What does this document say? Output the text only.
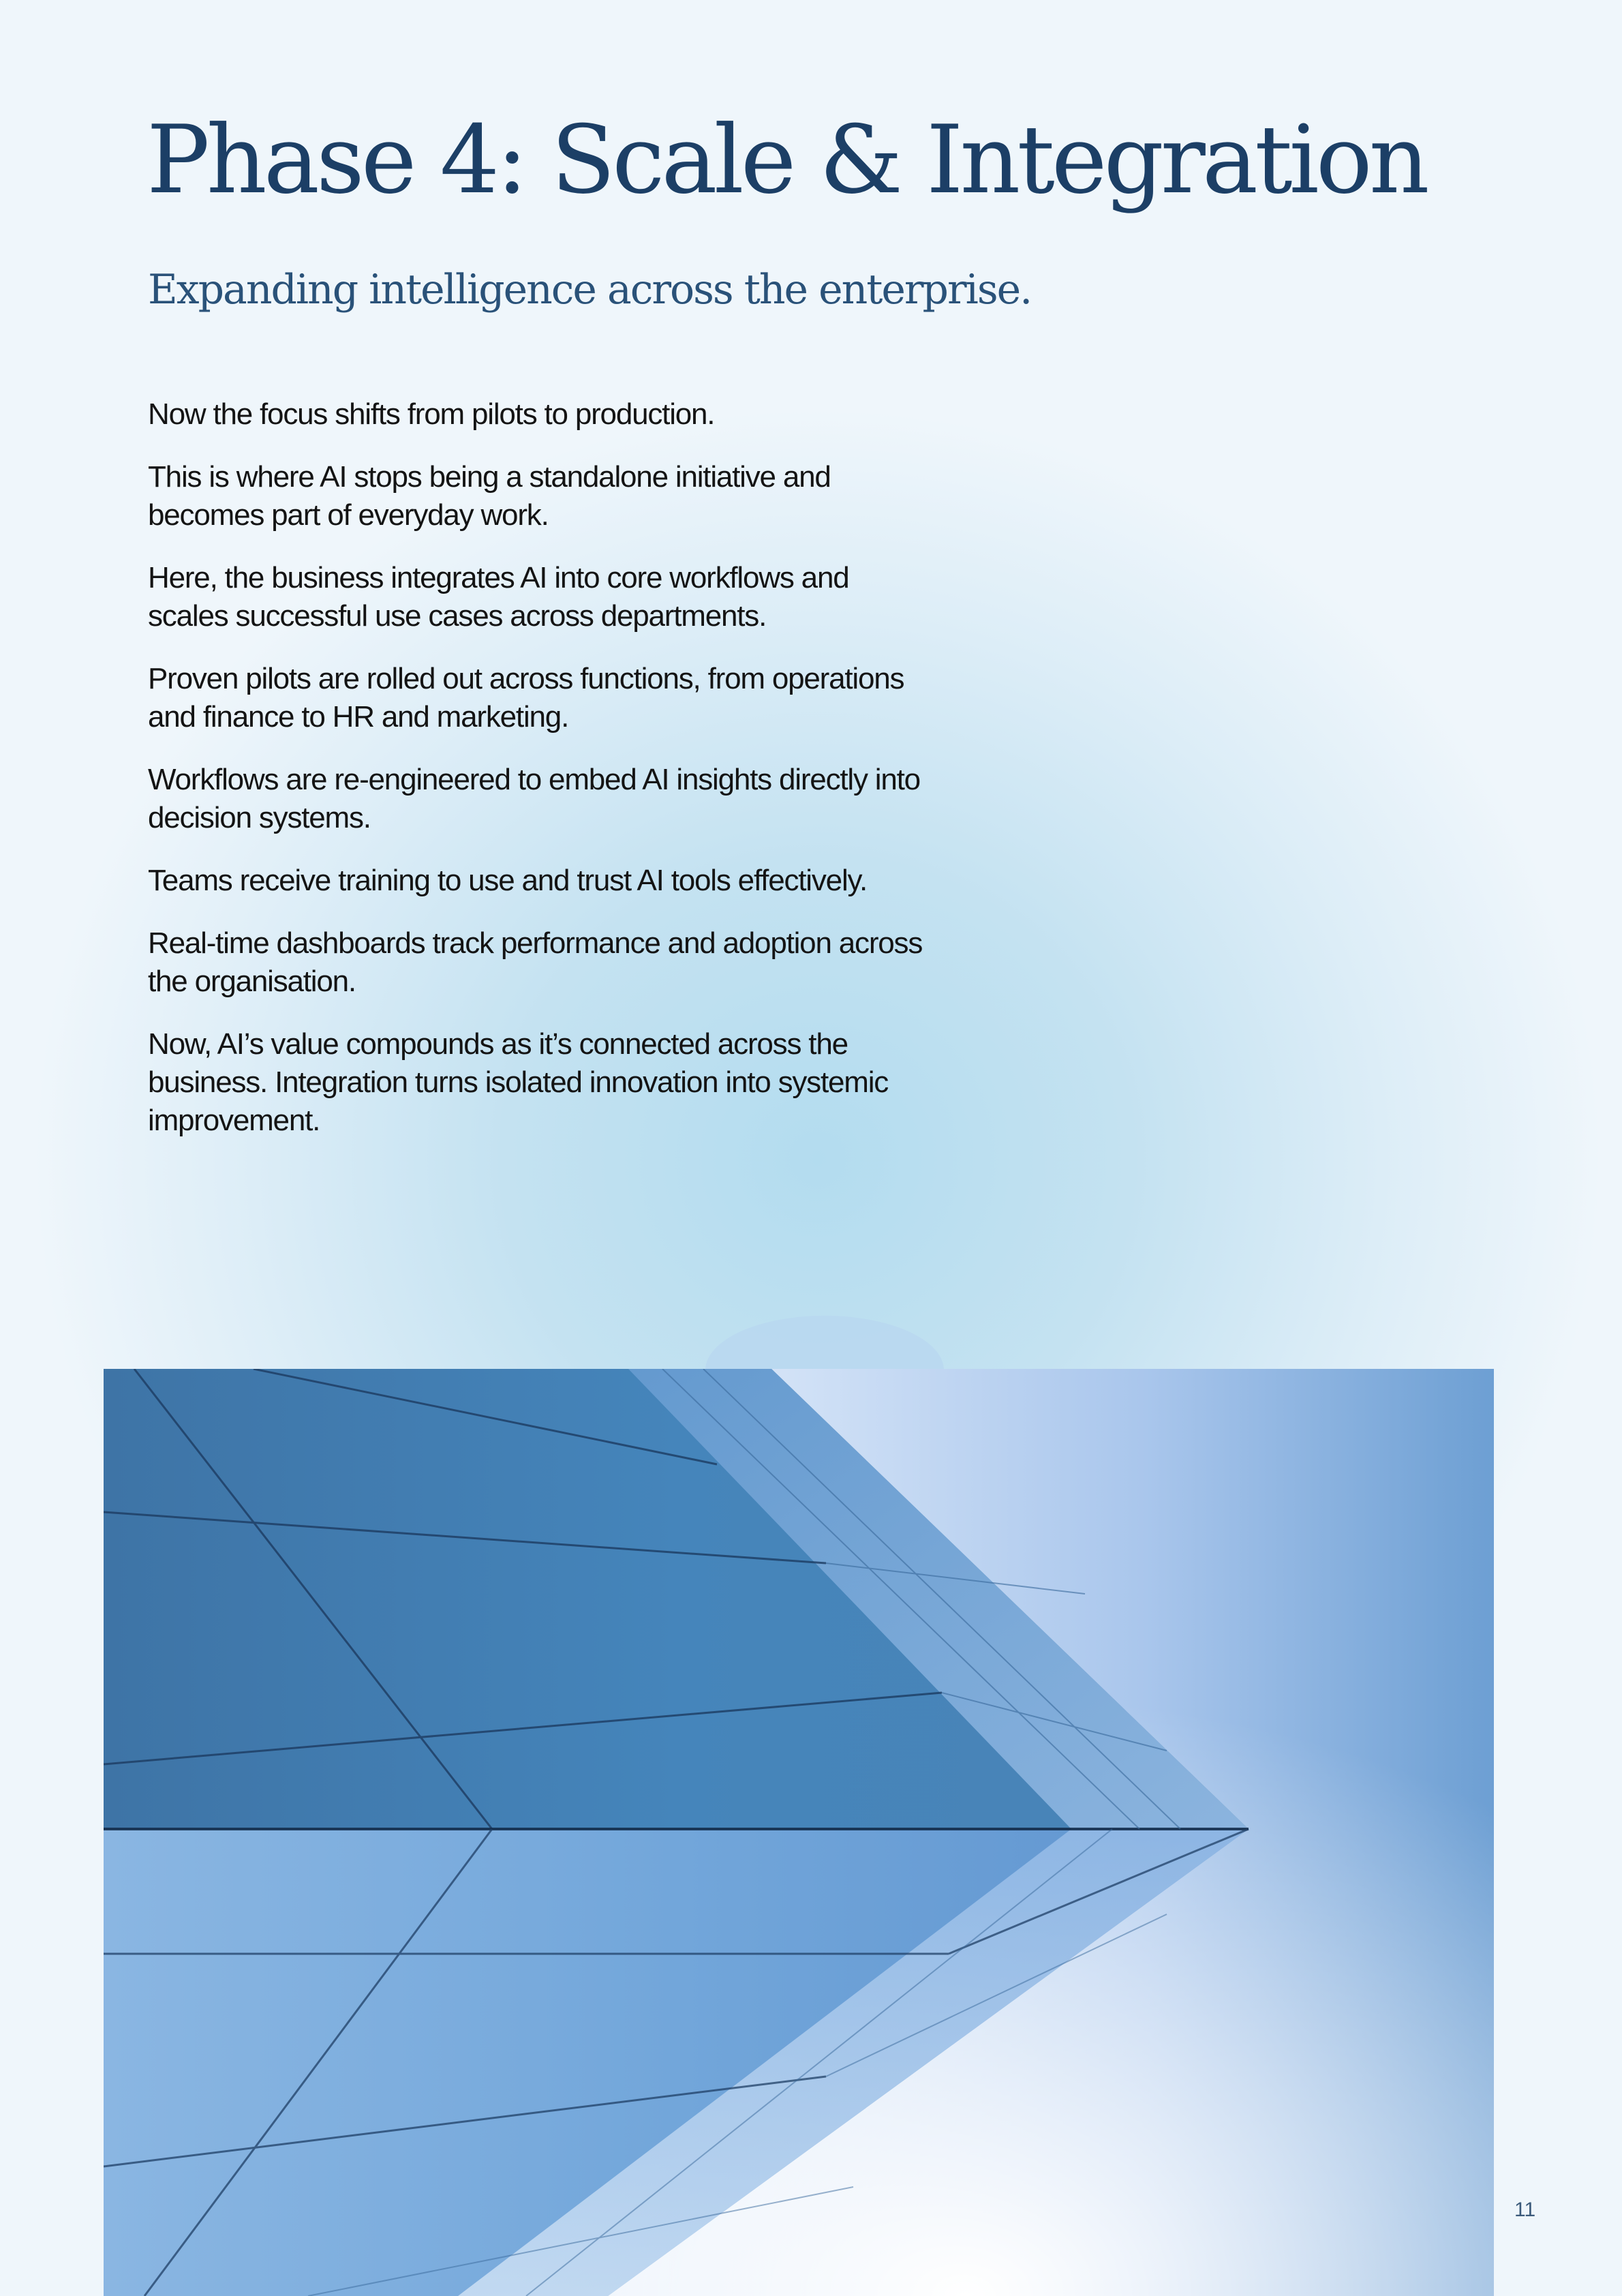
Phase 4: Scale & Integration
Expanding intelligence across the enterprise.

Now the focus shifts from pilots to production.

This is where AI stops being a standalone initiative and becomes part of everyday work.

Here, the business integrates AI into core workflows and scales successful use cases across departments.

Proven pilots are rolled out across functions, from operations and finance to HR and marketing.

Workflows are re-engineered to embed AI insights directly into decision systems.

Teams receive training to use and trust AI tools effectively.

Real-time dashboards track performance and adoption across the organisation.

Now, AI’s value compounds as it’s connected across the business. Integration turns isolated innovation into systemic improvement.

11
